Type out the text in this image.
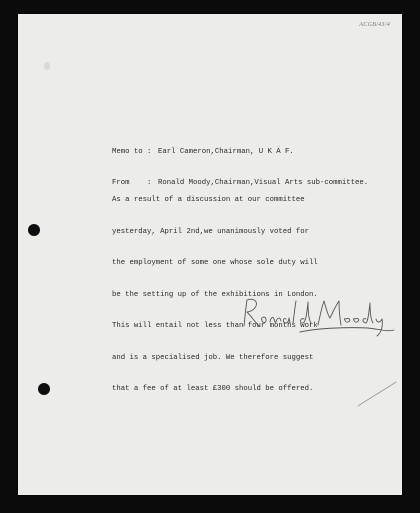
ACGB/43/4

Memo to : Earl Cameron,Chairman, U K A F.

From    : Ronald Moody,Chairman,Visual Arts sub-committee.

As a result of a discussion at our committee

yesterday, April 2nd,we unanimously voted for

the employment of some one whose sole duty will

be the setting up of the exhibitions in London.

This will entail not less than four months work

and is a specialised job. We therefore suggest

that a fee of at least £300 should be offered.
